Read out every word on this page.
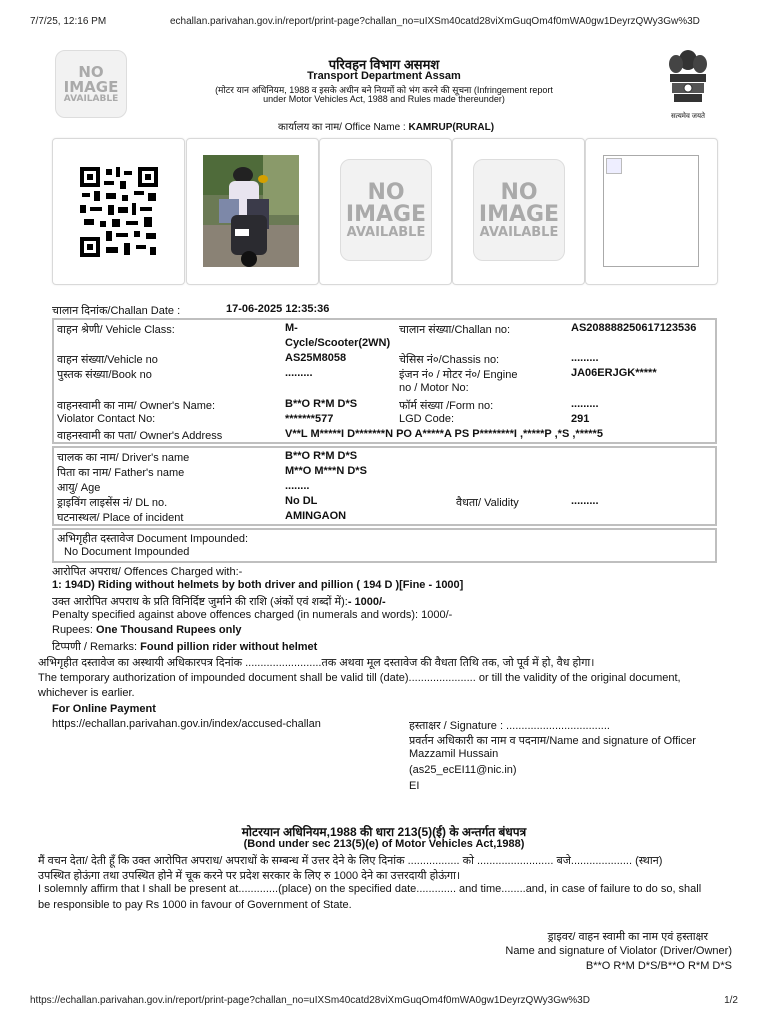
7/7/25, 12:16 PM	echallan.parivahan.gov.in/report/print-page?challan_no=uIXSm40catd28viXmGuqOm4f0mWA0gw1DeyrzQWy3Gw%3D
NO
IMAGE
AVAILABLE
परिवहन विभाग असमश
Transport Department Assam
(मोटर यान अधिनियम, 1988 व इसके अधीन बने नियमों को भंग करने की सूचना (Infringement report
under Motor Vehicles Act, 1988 and Rules made thereunder)
कार्यालय का नाम/ Office Name : KAMRUP(RURAL)
सत्यमेव जयते
NO
IMAGE
AVAILABLE
NO
IMAGE
AVAILABLE
चालान दिनांक/Challan Date :	17-06-2025 12:35:36
वाहन श्रेणी/ Vehicle Class:	M-
Cycle/Scooter(2WN)
चालान संख्या/Challan no:	AS208888250617123536
वाहन संख्या/Vehicle no	AS25M8058	चेसिस नं०/Chassis no:	.........
पुस्तक संख्या/Book no	.........	इंजन नं० / मोटर नं०/ Engine
no / Motor No:
JA06ERJGK*****
वाहनस्वामी का नाम/ Owner's Name:	B**O R*M D*S	फॉर्म संख्या /Form no:	.........
Violator Contact No:	*******577	LGD Code:	291
वाहनस्वामी का पता/ Owner's Address	V**L M*****I D*******N PO A*****A PS P********I ,*****P ,*S ,*****5
चालक का नाम/ Driver's name	B**O R*M D*S
पिता का नाम/ Father's name	M**O M***N D*S
आयु/ Age	........
ड्राइविंग लाइसेंस नं/ DL no.	No DL	वैधता/ Validity	.........
घटनास्थल/ Place of incident	AMINGAON
अभिगृहीत दस्तावेज Document Impounded:
No Document Impounded
आरोपित अपराध/ Offences Charged with:-
1: 194D) Riding without helmets by both driver and pillion ( 194 D )[Fine - 1000]
उक्त आरोपित अपराध के प्रति विनिर्दिष्ट जुर्माने की राशि (अंकों एवं शब्दों में):- 1000/-
Penalty specified against above offences charged (in numerals and words): 1000/-
Rupees: One Thousand Rupees only
टिप्पणी / Remarks: Found pillion rider without helmet
अभिगृहीत दस्तावेज का अस्थायी अधिकारपत्र दिनांक .........................तक अथवा मूल दस्तावेज की वैधता तिथि तक, जो पूर्व में हो, वैध होगा।
The temporary authorization of impounded document shall be valid till (date)...................... or till the validity of the original document,
whichever is earlier.
For Online Payment
https://echallan.parivahan.gov.in/index/accused-challan	हस्ताक्षर / Signature : ..................................
प्रवर्तन अधिकारी का नाम व पदनाम/Name and signature of Officer
Mazzamil Hussain
(as25_ecEI11@nic.in)
EI
मोटरयान अधिनियम,1988 की धारा 213(5)(ई) के अन्तर्गत बंधपत्र
(Bond under sec 213(5)(e) of Motor Vehicles Act,1988)
मैं वचन देता/ देती हूँ कि उक्त आरोपित अपराध/ अपराधों के सम्बन्ध में उत्तर देने के लिए दिनांक ................. को ......................... बजे.................... (स्थान)
उपस्थित होऊंगा तथा उपस्थित होने में चूक करने पर प्रदेश सरकार के लिए रु 1000 देने का उत्तरदायी होऊंगा।
I solemnly affirm that I shall be present at.............(place) on the specified date............. and time........and, in case of failure to do so, shall
be responsible to pay Rs 1000 in favour of Government of State.
ड्राइवर/ वाहन स्वामी का नाम एवं हस्ताक्षर
Name and signature of Violator (Driver/Owner)
B**O R*M D*S/B**O R*M D*S
https://echallan.parivahan.gov.in/report/print-page?challan_no=uIXSm40catd28viXmGuqOm4f0mWA0gw1DeyrzQWy3Gw%3D	1/2
